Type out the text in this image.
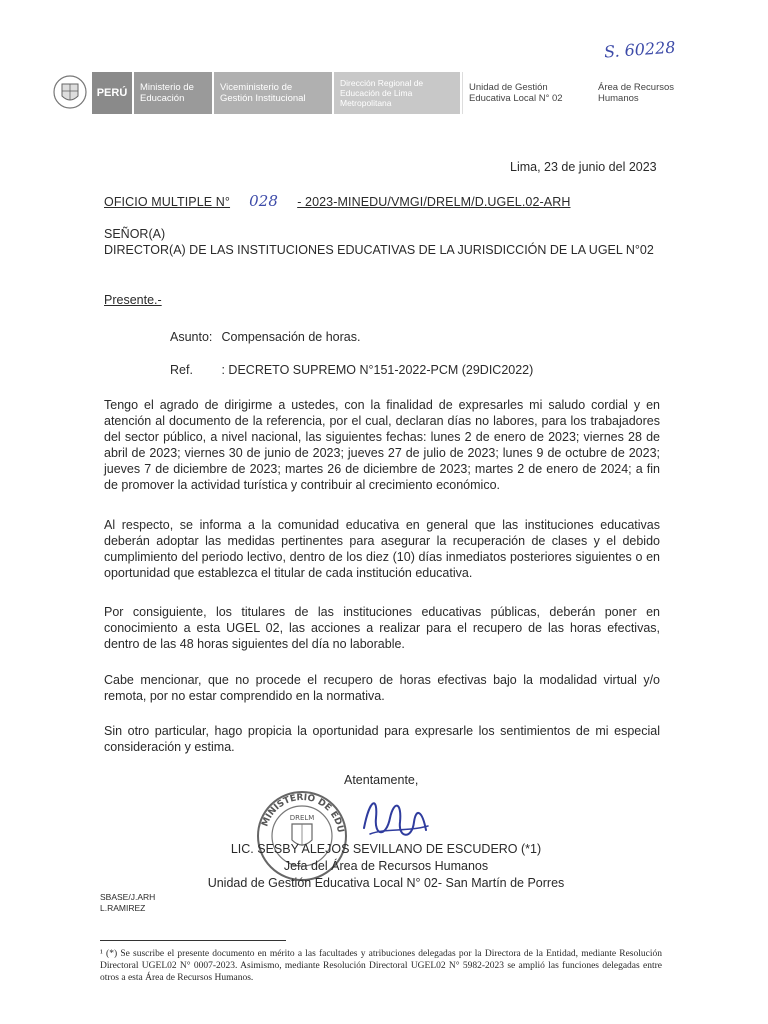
S. 60228
PERÚ	Ministerio de Educación
Viceministerio de Gestión Institucional
Dirección Regional de Educación de Lima Metropolitana
Unidad de Gestión Educativa Local N° 02
Área de Recursos Humanos
Lima, 23 de junio del 2023
OFICIO MULTIPLE N° 028 - 2023-MINEDU/VMGI/DRELM/D.UGEL.02-ARH
SEÑOR(A)
DIRECTOR(A) DE LAS INSTITUCIONES EDUCATIVAS DE LA JURISDICCIÓN DE LA UGEL N°02
Presente.-
Asunto: Compensación de horas.
Ref. : DECRETO SUPREMO N°151-2022-PCM (29DIC2022)
Tengo el agrado de dirigirme a ustedes, con la finalidad de expresarles mi saludo cordial y en atención al documento de la referencia, por el cual, declaran días no labores, para los trabajadores del sector público, a nivel nacional, las siguientes fechas: lunes 2 de enero de 2023; viernes 28 de abril de 2023; viernes 30 de junio de 2023; jueves 27 de julio de 2023; lunes 9 de octubre de 2023; jueves 7 de diciembre de 2023; martes 26 de diciembre de 2023; martes 2 de enero de 2024; a fin de promover la actividad turística y contribuir al crecimiento económico.
Al respecto, se informa a la comunidad educativa en general que las instituciones educativas deberán adoptar las medidas pertinentes para asegurar la recuperación de clases y el debido cumplimiento del periodo lectivo, dentro de los diez (10) días inmediatos posteriores siguientes o en oportunidad que establezca el titular de cada institución educativa.
Por consiguiente, los titulares de las instituciones educativas públicas, deberán poner en conocimiento a esta UGEL 02, las acciones a realizar para el recupero de las horas efectivas, dentro de las 48 horas siguientes del día no laborable.
Cabe mencionar, que no procede el recupero de horas efectivas bajo la modalidad virtual y/o remota, por no estar comprendido en la normativa.
Sin otro particular, hago propicia la oportunidad para expresarle los sentimientos de mi especial consideración y estima.
Atentamente,
MINISTERIO DE EDU
DRELM
LIC. SESBY ALEJOS SEVILLANO DE ESCUDERO (*1)
Jefa del Área de Recursos Humanos
Unidad de Gestión Educativa Local N° 02- San Martín de Porres
SBASE/J.ARH
L.RAMIREZ
¹ (*) Se suscribe el presente documento en mérito a las facultades y atribuciones delegadas por la Directora de la Entidad, mediante Resolución Directoral UGEL02 N° 0007-2023. Asimismo, mediante Resolución Directoral UGEL02 N° 5982-2023 se amplió las funciones delegadas entre otros a esta Área de Recursos Humanos.
